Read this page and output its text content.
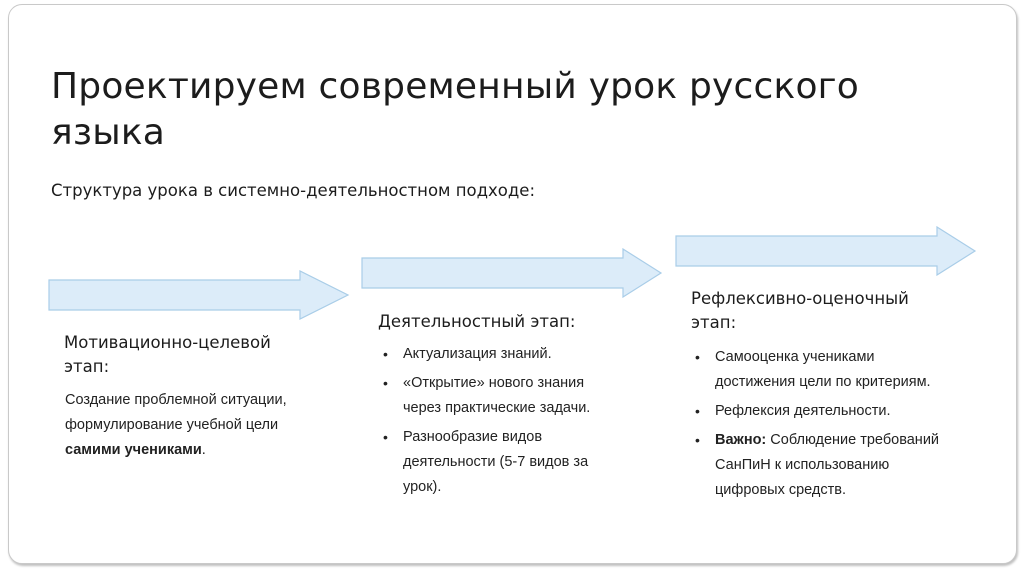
Проектируем современный урок русского языка
Структура урока в системно-деятельностном подходе:
Мотивационно-целевой
этап:
Создание проблемной ситуации,
формулирование учебной цели
самими учениками.
Деятельностный этап:
• Актуализация знаний.
• «Открытие» нового знания
через практические задачи.
• Разнообразие видов
деятельности (5-7 видов за
урок).
Рефлексивно-оценочный
этап:
• Самооценка учениками
достижения цели по критериям.
• Рефлексия деятельности.
• Важно: Соблюдение требований
СанПиН к использованию
цифровых средств.
